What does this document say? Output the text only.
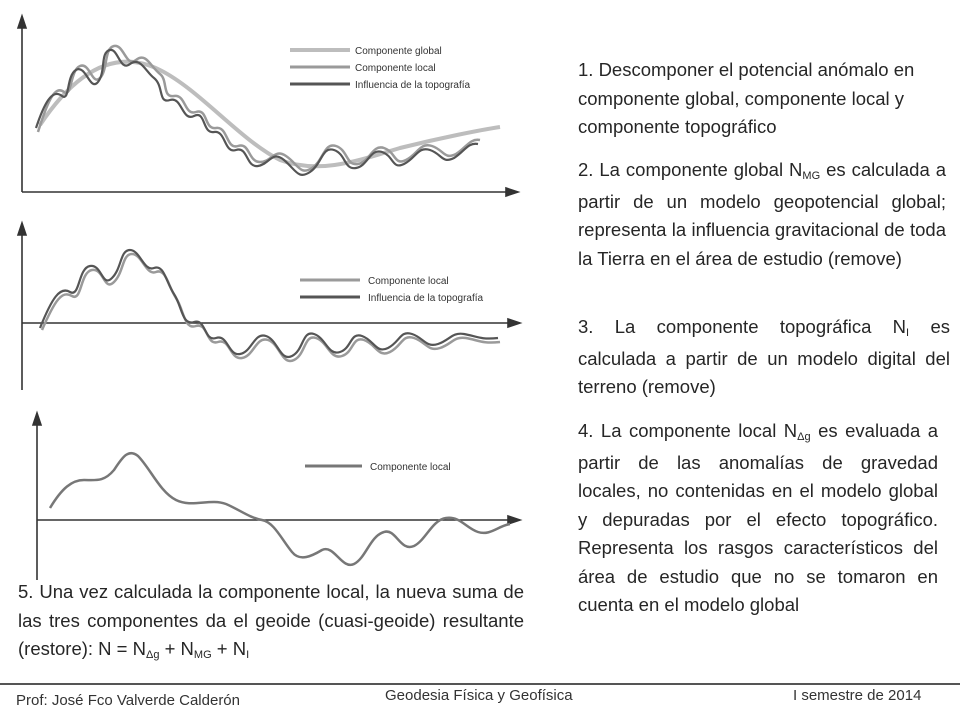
Componente global
Componente local
Influencia de la topografía
Componente local
Influencia de la topografía
Componente local
1. Descomponer el potencial anómalo en componente global, componente local y componente topográfico
2. La componente global NMG es calculada a partir de un modelo geopotencial global; representa la influencia gravitacional de toda la Tierra en el área de estudio (remove)
3. La componente topográfica NI es calculada a partir de un modelo digital del terreno (remove)
4. La componente local NΔg es evaluada a partir de las anomalías de gravedad locales, no contenidas en el modelo global y depuradas por el efecto topográfico. Representa los rasgos característicos del área de estudio que no se tomaron en cuenta en el modelo global
5. Una vez calculada la componente local, la nueva suma de las tres componentes da el geoide (cuasi-geoide) resultante (restore): N = NΔg + NMG + NI
Prof: José Fco Valverde Calderón	Geodesia Física y Geofísica	I semestre de 2014
